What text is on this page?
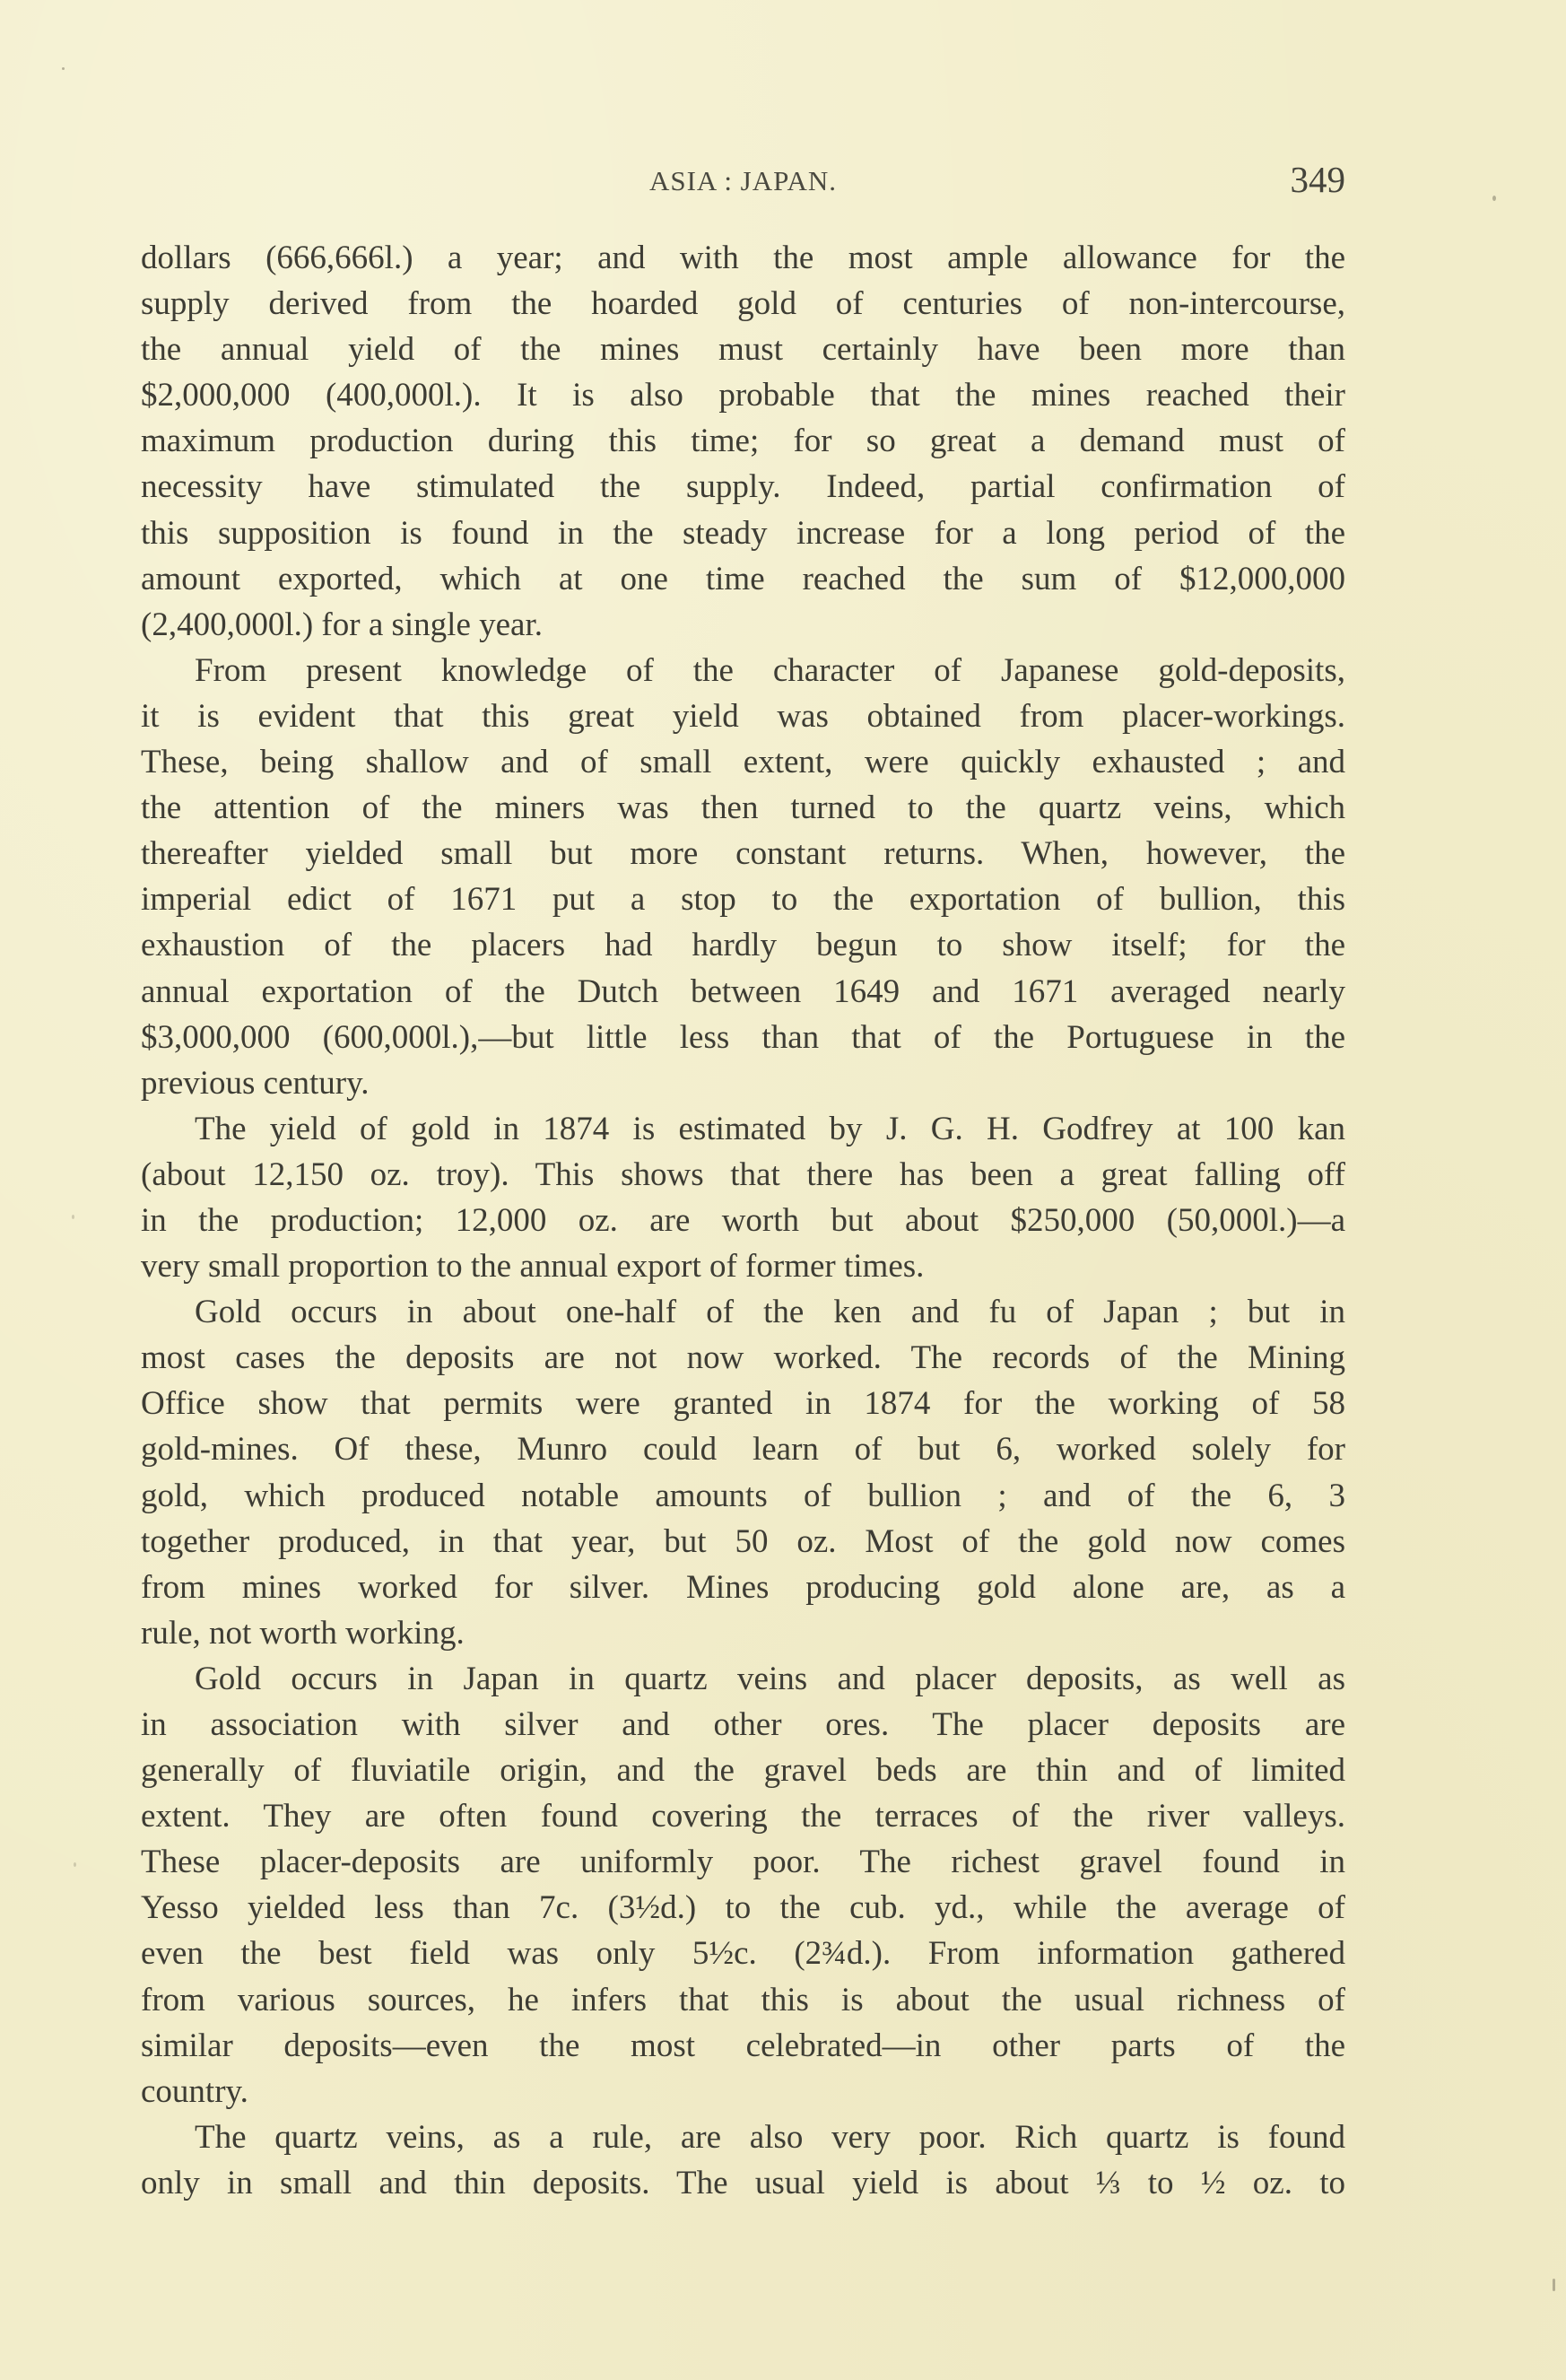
ASIA : JAPAN.	349

dollars (666,666l.) a year; and with the most ample allowance for the
supply derived from the hoarded gold of centuries of non-intercourse,
the annual yield of the mines must certainly have been more than
$2,000,000 (400,000l.). It is also probable that the mines reached their
maximum production during this time; for so great a demand must of
necessity have stimulated the supply. Indeed, partial confirmation of
this supposition is found in the steady increase for a long period of the
amount exported, which at one time reached the sum of $12,000,000
(2,400,000l.) for a single year.

From present knowledge of the character of Japanese gold-deposits,
it is evident that this great yield was obtained from placer-workings.
These, being shallow and of small extent, were quickly exhausted ; and
the attention of the miners was then turned to the quartz veins, which
thereafter yielded small but more constant returns. When, however, the
imperial edict of 1671 put a stop to the exportation of bullion, this
exhaustion of the placers had hardly begun to show itself; for the
annual exportation of the Dutch between 1649 and 1671 averaged nearly
$3,000,000 (600,000l.),—but little less than that of the Portuguese in the
previous century.

The yield of gold in 1874 is estimated by J. G. H. Godfrey at 100 kan
(about 12,150 oz. troy). This shows that there has been a great falling off
in the production; 12,000 oz. are worth but about $250,000 (50,000l.)—a
very small proportion to the annual export of former times.

Gold occurs in about one-half of the ken and fu of Japan ; but in
most cases the deposits are not now worked. The records of the Mining
Office show that permits were granted in 1874 for the working of 58
gold-mines. Of these, Munro could learn of but 6, worked solely for
gold, which produced notable amounts of bullion ; and of the 6, 3
together produced, in that year, but 50 oz. Most of the gold now comes
from mines worked for silver. Mines producing gold alone are, as a
rule, not worth working.

Gold occurs in Japan in quartz veins and placer deposits, as well as
in association with silver and other ores. The placer deposits are
generally of fluviatile origin, and the gravel beds are thin and of limited
extent. They are often found covering the terraces of the river valleys.
These placer-deposits are uniformly poor. The richest gravel found in
Yesso yielded less than 7c. (3½d.) to the cub. yd., while the average of
even the best field was only 5½c. (2¾d.). From information gathered
from various sources, he infers that this is about the usual richness of
similar deposits—even the most celebrated—in other parts of the
country.

The quartz veins, as a rule, are also very poor. Rich quartz is found
only in small and thin deposits. The usual yield is about ⅓ to ½ oz. to
